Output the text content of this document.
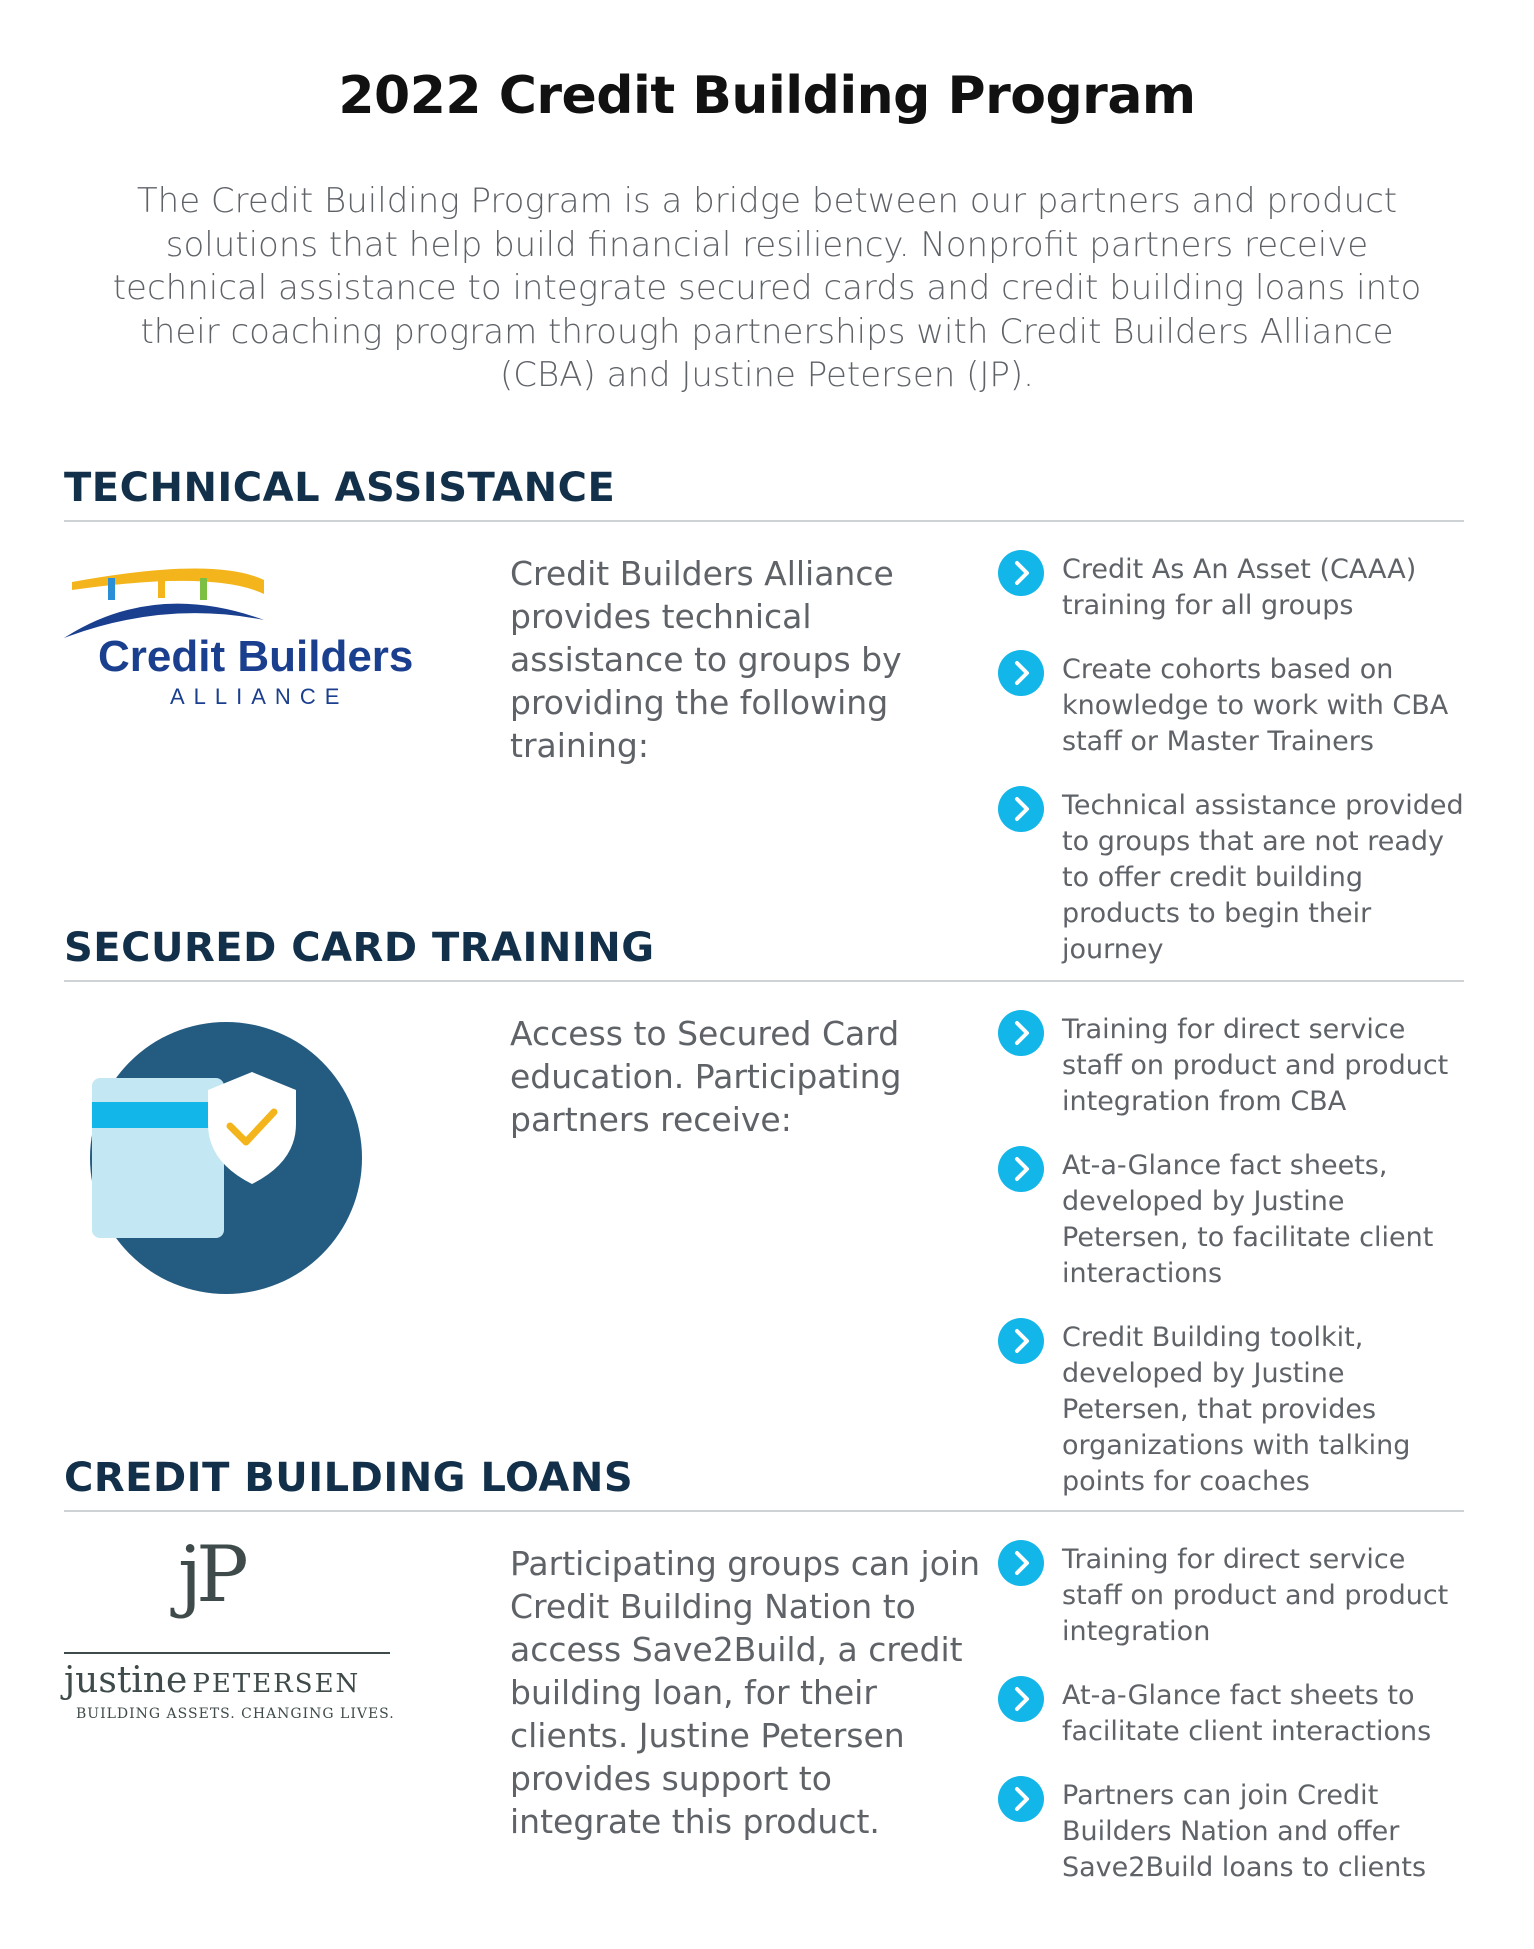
2022 Credit Building Program

The Credit Building Program is a bridge between our partners and product solutions that help build financial resiliency. Nonprofit partners receive technical assistance to integrate secured cards and credit building loans into their coaching program through partnerships with Credit Builders Alliance (CBA) and Justine Petersen (JP).

TECHNICAL ASSISTANCE
Credit Builders
ALLIANCE
Credit Builders Alliance provides technical assistance to groups by providing the following training:
Credit As An Asset (CAAA) training for all groups
Create cohorts based on knowledge to work with CBA staff or Master Trainers
Technical assistance provided to groups that are not ready to offer credit building products to begin their journey
SECURED CARD TRAINING
Access to Secured Card education. Participating partners receive:
Training for direct service staff on product and product integration from CBA
At-a-Glance fact sheets, developed by Justine Petersen, to facilitate client interactions
Credit Building toolkit, developed by Justine Petersen, that provides organizations with talking points for coaches
CREDIT BUILDING LOANS
jP
justine PETERSEN
BUILDING ASSETS. CHANGING LIVES.
Participating groups can join Credit Building Nation to access Save2Build, a credit building loan, for their clients. Justine Petersen provides support to integrate this product.
Training for direct service staff on product and product integration
At-a-Glance fact sheets to facilitate client interactions
Partners can join Credit Builders Nation and offer Save2Build loans to clients
